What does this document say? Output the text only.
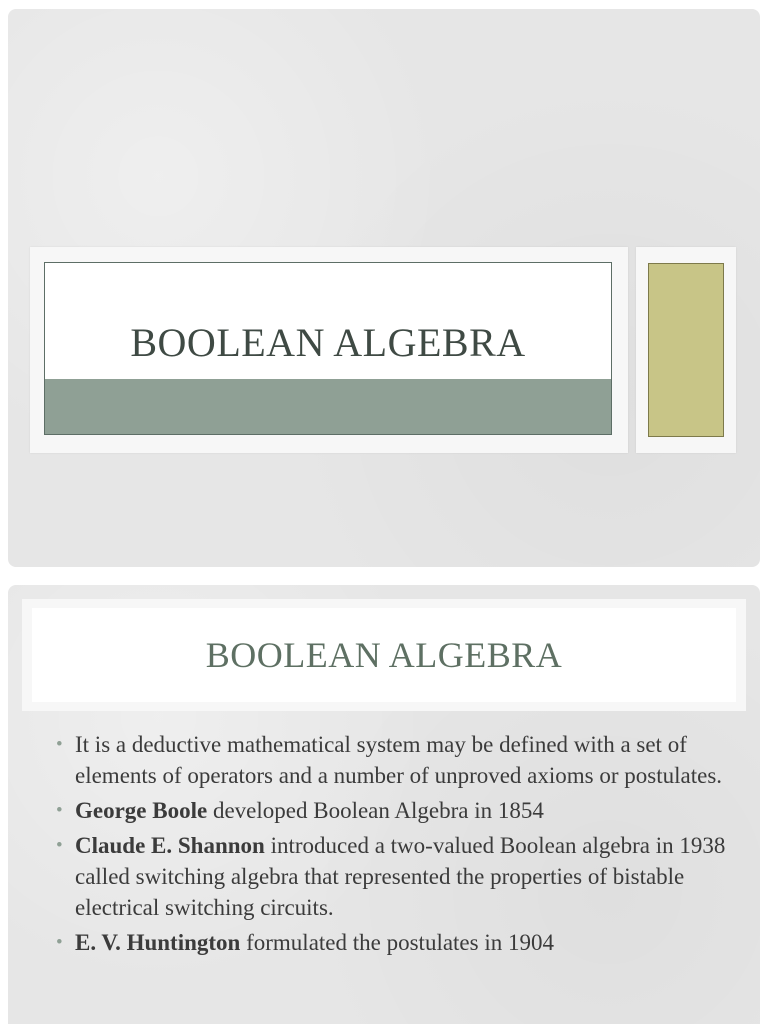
BOOLEAN ALGEBRA
BOOLEAN ALGEBRA
• It is a deductive mathematical system may be defined with a set of elements of operators and a number of unproved axioms or postulates.
• George Boole developed Boolean Algebra in 1854
• Claude E. Shannon introduced a two-valued Boolean algebra in 1938 called switching algebra that represented the properties of bistable electrical switching circuits.
• E. V. Huntington formulated the postulates in 1904
